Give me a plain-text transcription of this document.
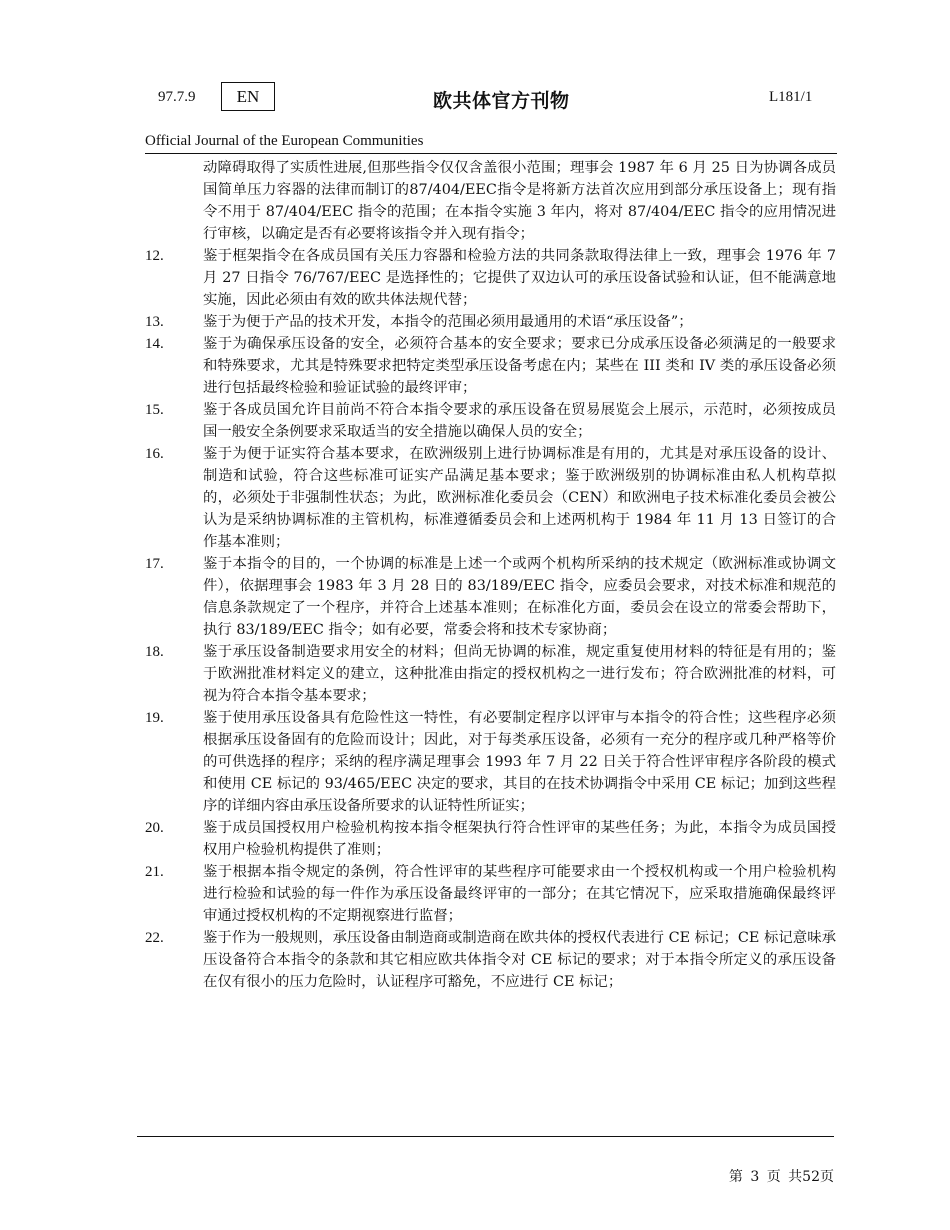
97.7.9 EN	欧共体官方刊物	L181/1
Official Journal of the European Communities
动障碍取得了实质性进展,但那些指令仅仅含盖很小范围；理事会 1987 年 6 月 25 日为协调各成员国简单压力容器的法律而制订的87/404/EEC指令是将新方法首次应用到部分承压设备上；现有指令不用于 87/404/EEC 指令的范围；在本指令实施 3 年内，将对 87/404/EEC 指令的应用情况进行审核，以确定是否有必要将该指令并入现有指令；
12.	鉴于框架指令在各成员国有关压力容器和检验方法的共同条款取得法律上一致，理事会 1976 年 7 月 27 日指令 76/767/EEC 是选择性的；它提供了双边认可的承压设备试验和认证，但不能满意地实施，因此必须由有效的欧共体法规代替；
13.	鉴于为便于产品的技术开发，本指令的范围必须用最通用的术语“承压设备”；
14.	鉴于为确保承压设备的安全，必须符合基本的安全要求；要求已分成承压设备必须满足的一般要求和特殊要求，尤其是特殊要求把特定类型承压设备考虑在内；某些在 III 类和 IV 类的承压设备必须进行包括最终检验和验证试验的最终评审；
15.	鉴于各成员国允许目前尚不符合本指令要求的承压设备在贸易展览会上展示，示范时，必须按成员国一般安全条例要求采取适当的安全措施以确保人员的安全；
16.	鉴于为便于证实符合基本要求，在欧洲级别上进行协调标准是有用的，尤其是对承压设备的设计、制造和试验，符合这些标准可证实产品满足基本要求；鉴于欧洲级别的协调标准由私人机构草拟的，必须处于非强制性状态；为此，欧洲标准化委员会（CEN）和欧洲电子技术标准化委员会被公认为是采纳协调标准的主管机构，标准遵循委员会和上述两机构于 1984 年 11 月 13 日签订的合作基本准则；
17.	鉴于本指令的目的，一个协调的标准是上述一个或两个机构所采纳的技术规定（欧洲标准或协调文件），依据理事会 1983 年 3 月 28 日的 83/189/EEC 指令，应委员会要求，对技术标准和规范的信息条款规定了一个程序，并符合上述基本准则；在标准化方面，委员会在设立的常委会帮助下，执行 83/189/EEC 指令；如有必要，常委会将和技术专家协商；
18.	鉴于承压设备制造要求用安全的材料；但尚无协调的标准，规定重复使用材料的特征是有用的；鉴于欧洲批准材料定义的建立，这种批准由指定的授权机构之一进行发布；符合欧洲批准的材料，可视为符合本指令基本要求；
19.	鉴于使用承压设备具有危险性这一特性，有必要制定程序以评审与本指令的符合性；这些程序必须根据承压设备固有的危险而设计；因此，对于每类承压设备，必须有一充分的程序或几种严格等价的可供选择的程序；采纳的程序满足理事会 1993 年 7 月 22 日关于符合性评审程序各阶段的模式和使用 CE 标记的 93/465/EEC 决定的要求，其目的在技术协调指令中采用 CE 标记；加到这些程序的详细内容由承压设备所要求的认证特性所证实；
20.	鉴于成员国授权用户检验机构按本指令框架执行符合性评审的某些任务；为此，本指令为成员国授权用户检验机构提供了准则；
21.	鉴于根据本指令规定的条例，符合性评审的某些程序可能要求由一个授权机构或一个用户检验机构进行检验和试验的每一件作为承压设备最终评审的一部分；在其它情况下，应采取措施确保最终评审通过授权机构的不定期视察进行监督；
22.	鉴于作为一般规则，承压设备由制造商或制造商在欧共体的授权代表进行 CE 标记；CE 标记意味承压设备符合本指令的条款和其它相应欧共体指令对 CE 标记的要求；对于本指令所定义的承压设备在仅有很小的压力危险时，认证程序可豁免，不应进行 CE 标记；
第 3 页 共52页
